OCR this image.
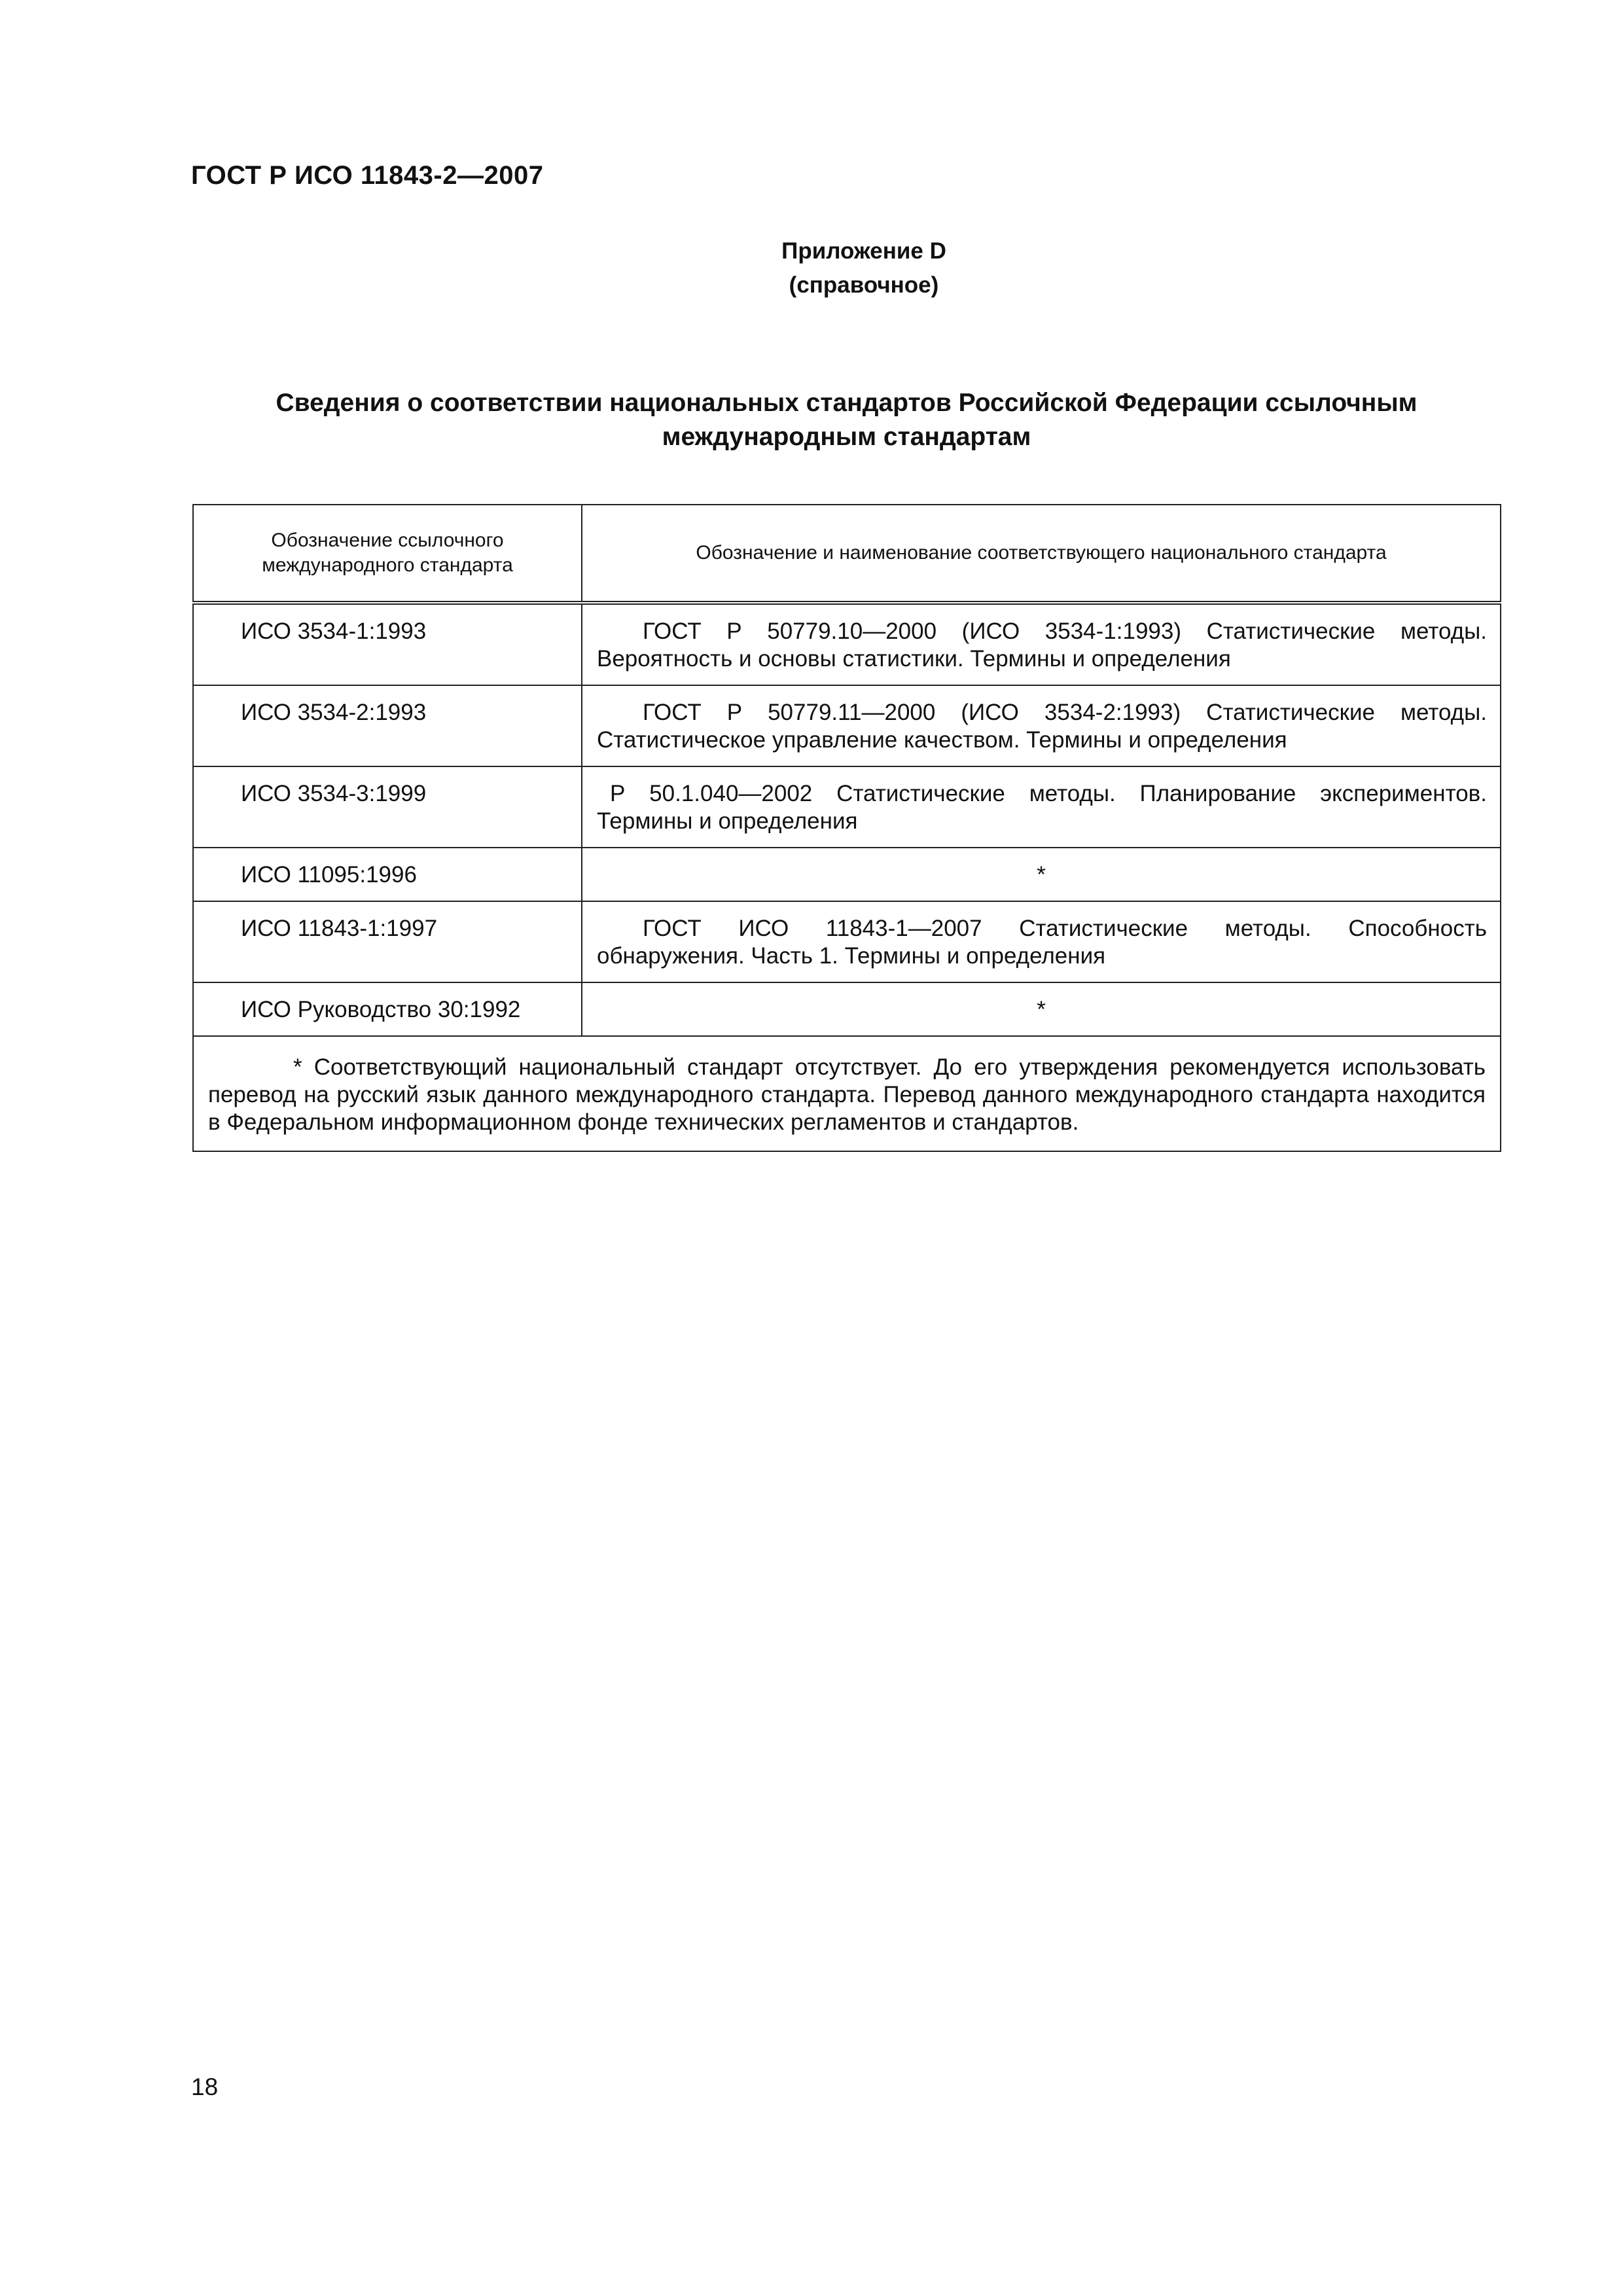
ГОСТ Р ИСО 11843-2—2007
Приложение D
(справочное)
Сведения о соответствии национальных стандартов Российской Федерации ссылочным международным стандартам
Обозначение ссылочного международного стандарта	Обозначение и наименование соответствующего национального стандарта
ИСО 3534-1:1993	ГОСТ Р 50779.10—2000 (ИСО 3534-1:1993) Статистические методы. Вероятность и основы статистики. Термины и определения
ИСО 3534-2:1993	ГОСТ Р 50779.11—2000 (ИСО 3534-2:1993) Статистические методы. Статистическое управление качеством. Термины и определения
ИСО 3534-3:1999	Р 50.1.040—2002 Статистические методы. Планирование экспериментов. Термины и определения
ИСО 11095:1996	*
ИСО 11843-1:1997	ГОСТ ИСО 11843-1—2007 Статистические методы. Способность обнаружения. Часть 1. Термины и определения
ИСО Руководство 30:1992	*
* Соответствующий национальный стандарт отсутствует. До его утверждения рекомендуется использовать перевод на русский язык данного международного стандарта. Перевод данного международного стандарта находится в Федеральном информационном фонде технических регламентов и стандартов.	
18
